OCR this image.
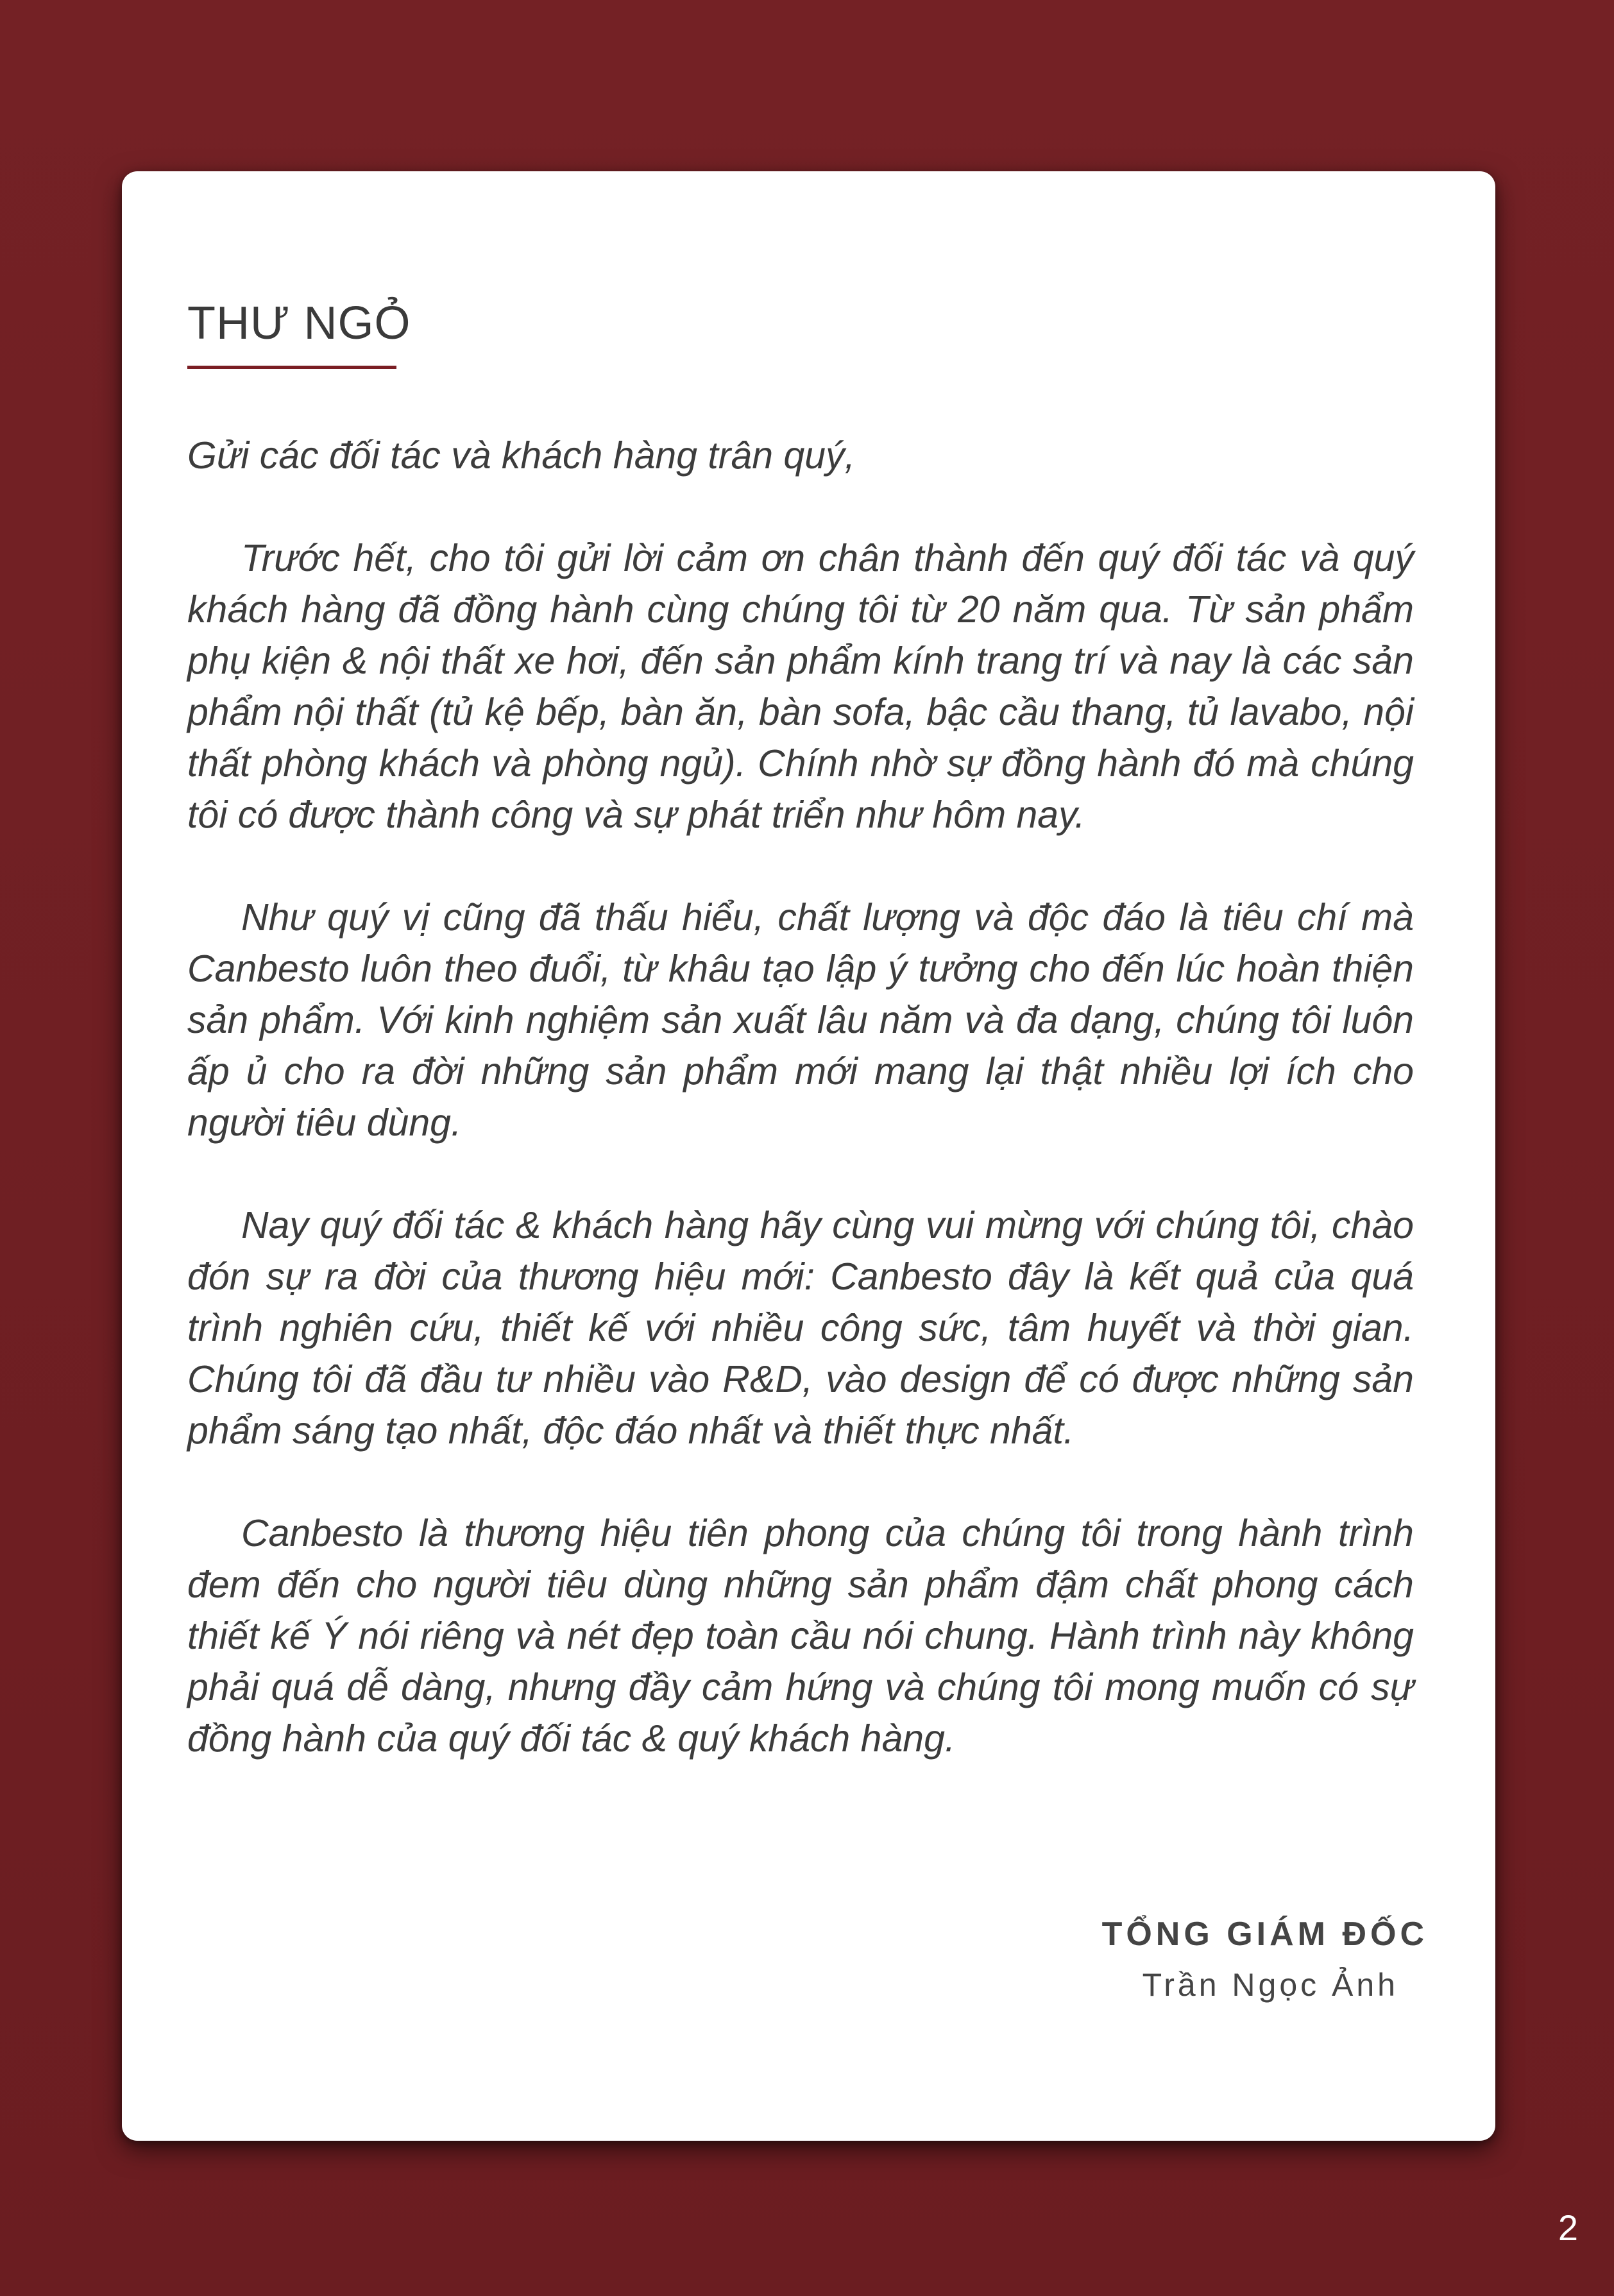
THƯ NGỎ
Gửi các đối tác và khách hàng trân quý,

Trước hết, cho tôi gửi lời cảm ơn chân thành đến quý đối tác và quý khách hàng đã đồng hành cùng chúng tôi từ 20 năm qua. Từ sản phẩm phụ kiện & nội thất xe hơi, đến sản phẩm kính trang trí và nay là các sản phẩm nội thất (tủ kệ bếp, bàn ăn, bàn sofa, bậc cầu thang, tủ lavabo, nội thất phòng khách và phòng ngủ). Chính nhờ sự đồng hành đó mà chúng tôi có được thành công và sự phát triển như hôm nay.

Như quý vị cũng đã thấu hiểu, chất lượng và độc đáo là tiêu chí mà Canbesto luôn theo đuổi, từ khâu tạo lập ý tưởng cho đến lúc hoàn thiện sản phẩm. Với kinh nghiệm sản xuất lâu năm và đa dạng, chúng tôi luôn ấp ủ cho ra đời những sản phẩm mới mang lại thật nhiều lợi ích cho người tiêu dùng.

Nay quý đối tác & khách hàng hãy cùng vui mừng với chúng tôi, chào đón sự ra đời của thương hiệu mới: Canbesto đây là kết quả của quá trình nghiên cứu, thiết kế với nhiều công sức, tâm huyết và thời gian. Chúng tôi đã đầu tư nhiều vào R&D, vào design để có được những sản phẩm sáng tạo nhất, độc đáo nhất và thiết thực nhất.

Canbesto là thương hiệu tiên phong của chúng tôi trong hành trình đem đến cho người tiêu dùng những sản phẩm đậm chất phong cách thiết kế Ý nói riêng và nét đẹp toàn cầu nói chung. Hành trình này không phải quá dễ dàng, nhưng đầy cảm hứng và chúng tôi mong muốn có sự đồng hành của quý đối tác & quý khách hàng.

TỔNG GIÁM ĐỐC
Trần Ngọc Ảnh
2
